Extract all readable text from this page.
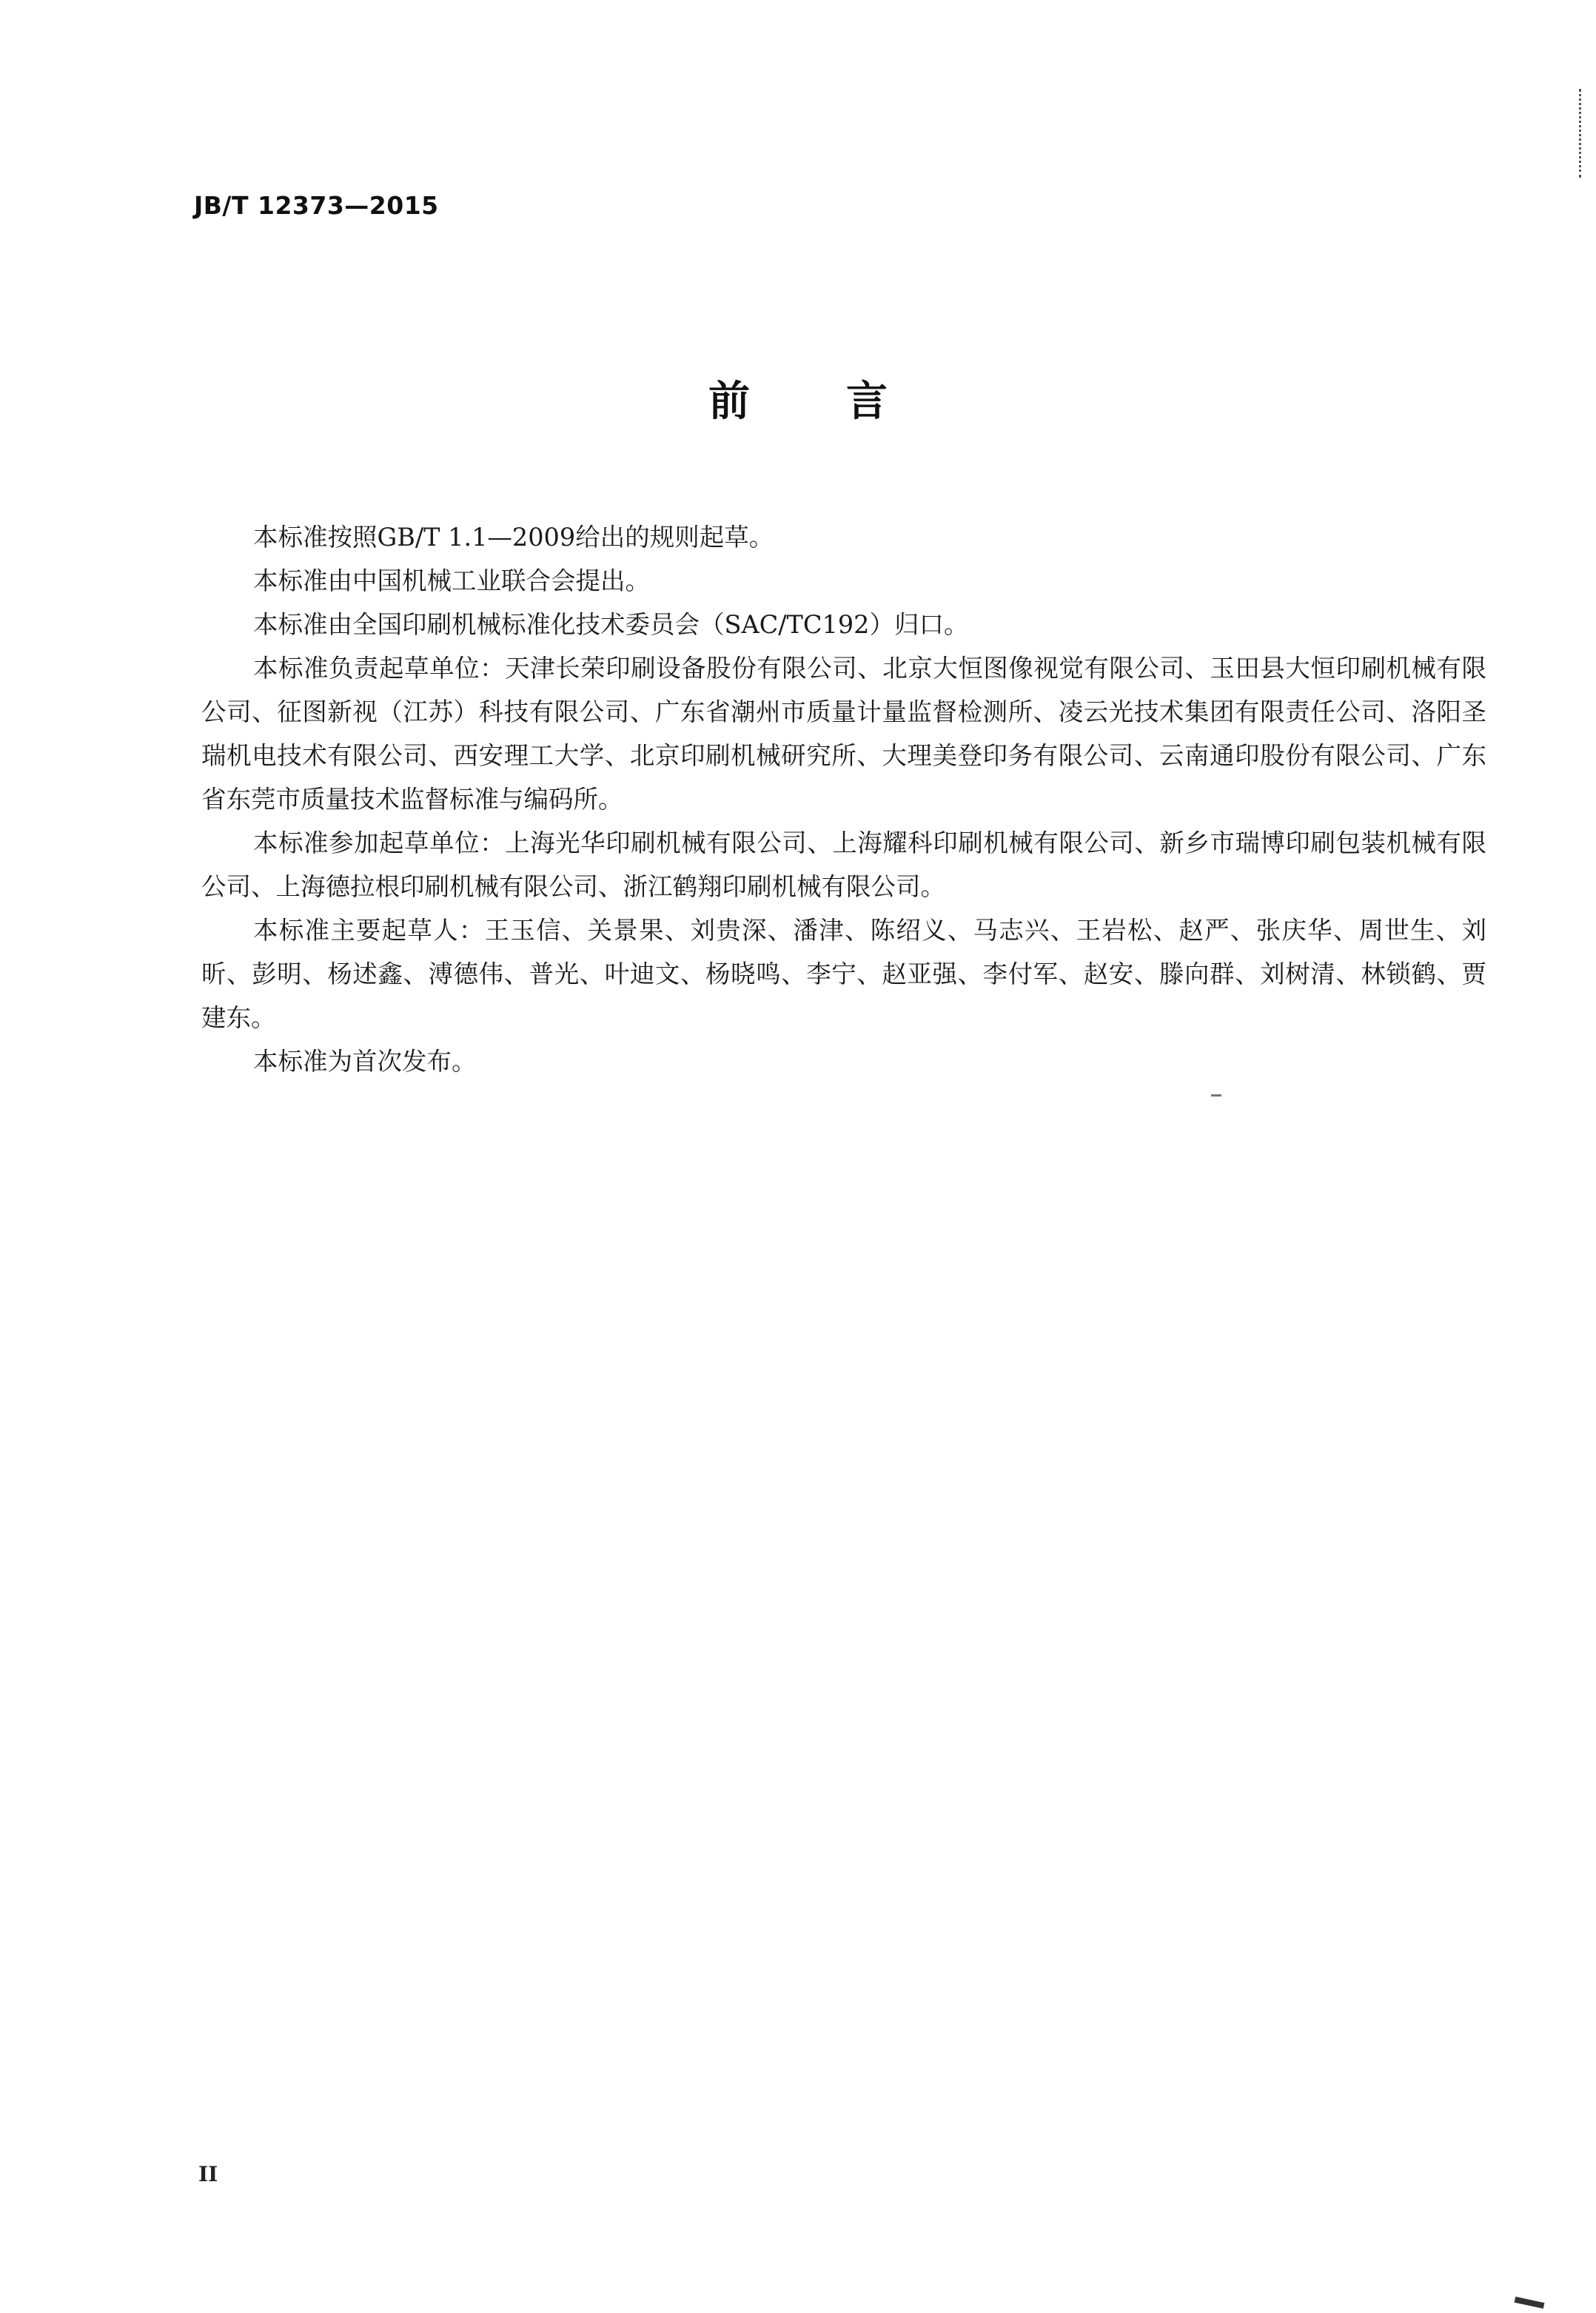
JB/T 12373—2015
前言

本标准按照GB/T 1.1—2009给出的规则起草。

本标准由中国机械工业联合会提出。

本标准由全国印刷机械标准化技术委员会（SAC/TC192）归口。

本标准负责起草单位：天津长荣印刷设备股份有限公司、北京大恒图像视觉有限公司、玉田县大恒印刷机械有限公司、征图新视（江苏）科技有限公司、广东省潮州市质量计量监督检测所、凌云光技术集团有限责任公司、洛阳圣瑞机电技术有限公司、西安理工大学、北京印刷机械研究所、大理美登印务有限公司、云南通印股份有限公司、广东省东莞市质量技术监督标准与编码所。

本标准参加起草单位：上海光华印刷机械有限公司、上海耀科印刷机械有限公司、新乡市瑞博印刷包装机械有限公司、上海德拉根印刷机械有限公司、浙江鹤翔印刷机械有限公司。

本标准主要起草人：王玉信、关景果、刘贵深、潘津、陈绍义、马志兴、王岩松、赵严、张庆华、周世生、刘昕、彭明、杨述鑫、溥德伟、普光、叶迪文、杨晓鸣、李宁、赵亚强、李付军、赵安、滕向群、刘树清、林锁鹤、贾建东。

本标准为首次发布。

II
